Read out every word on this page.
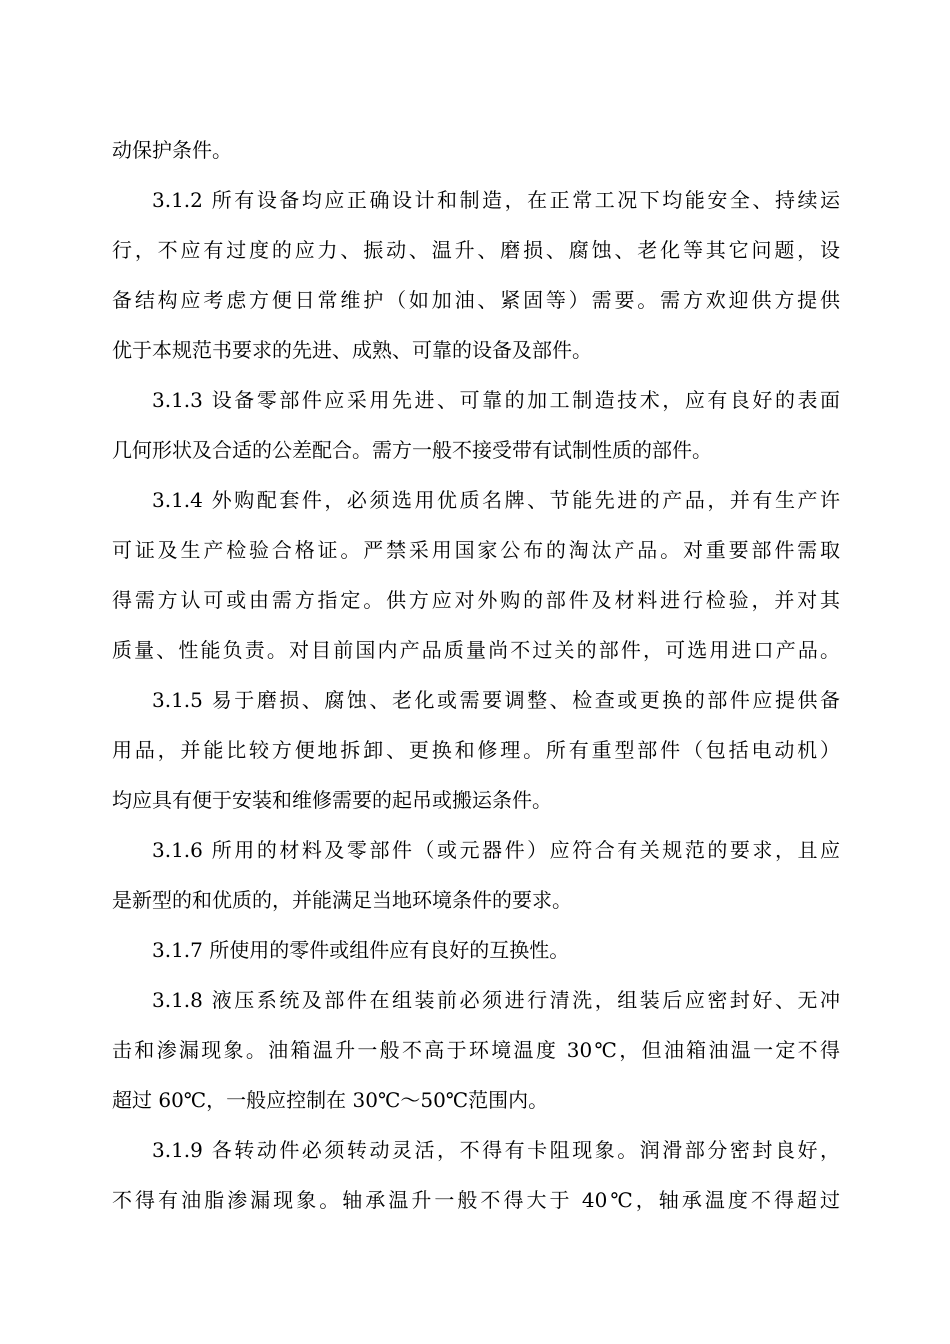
动保护条件。
3.1.2 所有设备均应正确设计和制造，在正常工况下均能安全、持续运
行，不应有过度的应力、振动、温升、磨损、腐蚀、老化等其它问题，设
备结构应考虑方便日常维护（如加油、紧固等）需要。需方欢迎供方提供
优于本规范书要求的先进、成熟、可靠的设备及部件。
3.1.3 设备零部件应采用先进、可靠的加工制造技术，应有良好的表面
几何形状及合适的公差配合。需方一般不接受带有试制性质的部件。
3.1.4 外购配套件，必须选用优质名牌、节能先进的产品，并有生产许
可证及生产检验合格证。严禁采用国家公布的淘汰产品。对重要部件需取
得需方认可或由需方指定。供方应对外购的部件及材料进行检验，并对其
质量、性能负责。对目前国内产品质量尚不过关的部件，可选用进口产品。
3.1.5 易于磨损、腐蚀、老化或需要调整、检查或更换的部件应提供备
用品，并能比较方便地拆卸、更换和修理。所有重型部件（包括电动机）
均应具有便于安装和维修需要的起吊或搬运条件。
3.1.6 所用的材料及零部件（或元器件）应符合有关规范的要求，且应
是新型的和优质的，并能满足当地环境条件的要求。
3.1.7 所使用的零件或组件应有良好的互换性。
3.1.8 液压系统及部件在组装前必须进行清洗，组装后应密封好、无冲
击和渗漏现象。油箱温升一般不高于环境温度 30℃，但油箱油温一定不得
超过 60℃，一般应控制在 30℃～50℃范围内。
3.1.9 各转动件必须转动灵活，不得有卡阻现象。润滑部分密封良好，
不得有油脂渗漏现象。轴承温升一般不得大于 40℃，轴承温度不得超过
